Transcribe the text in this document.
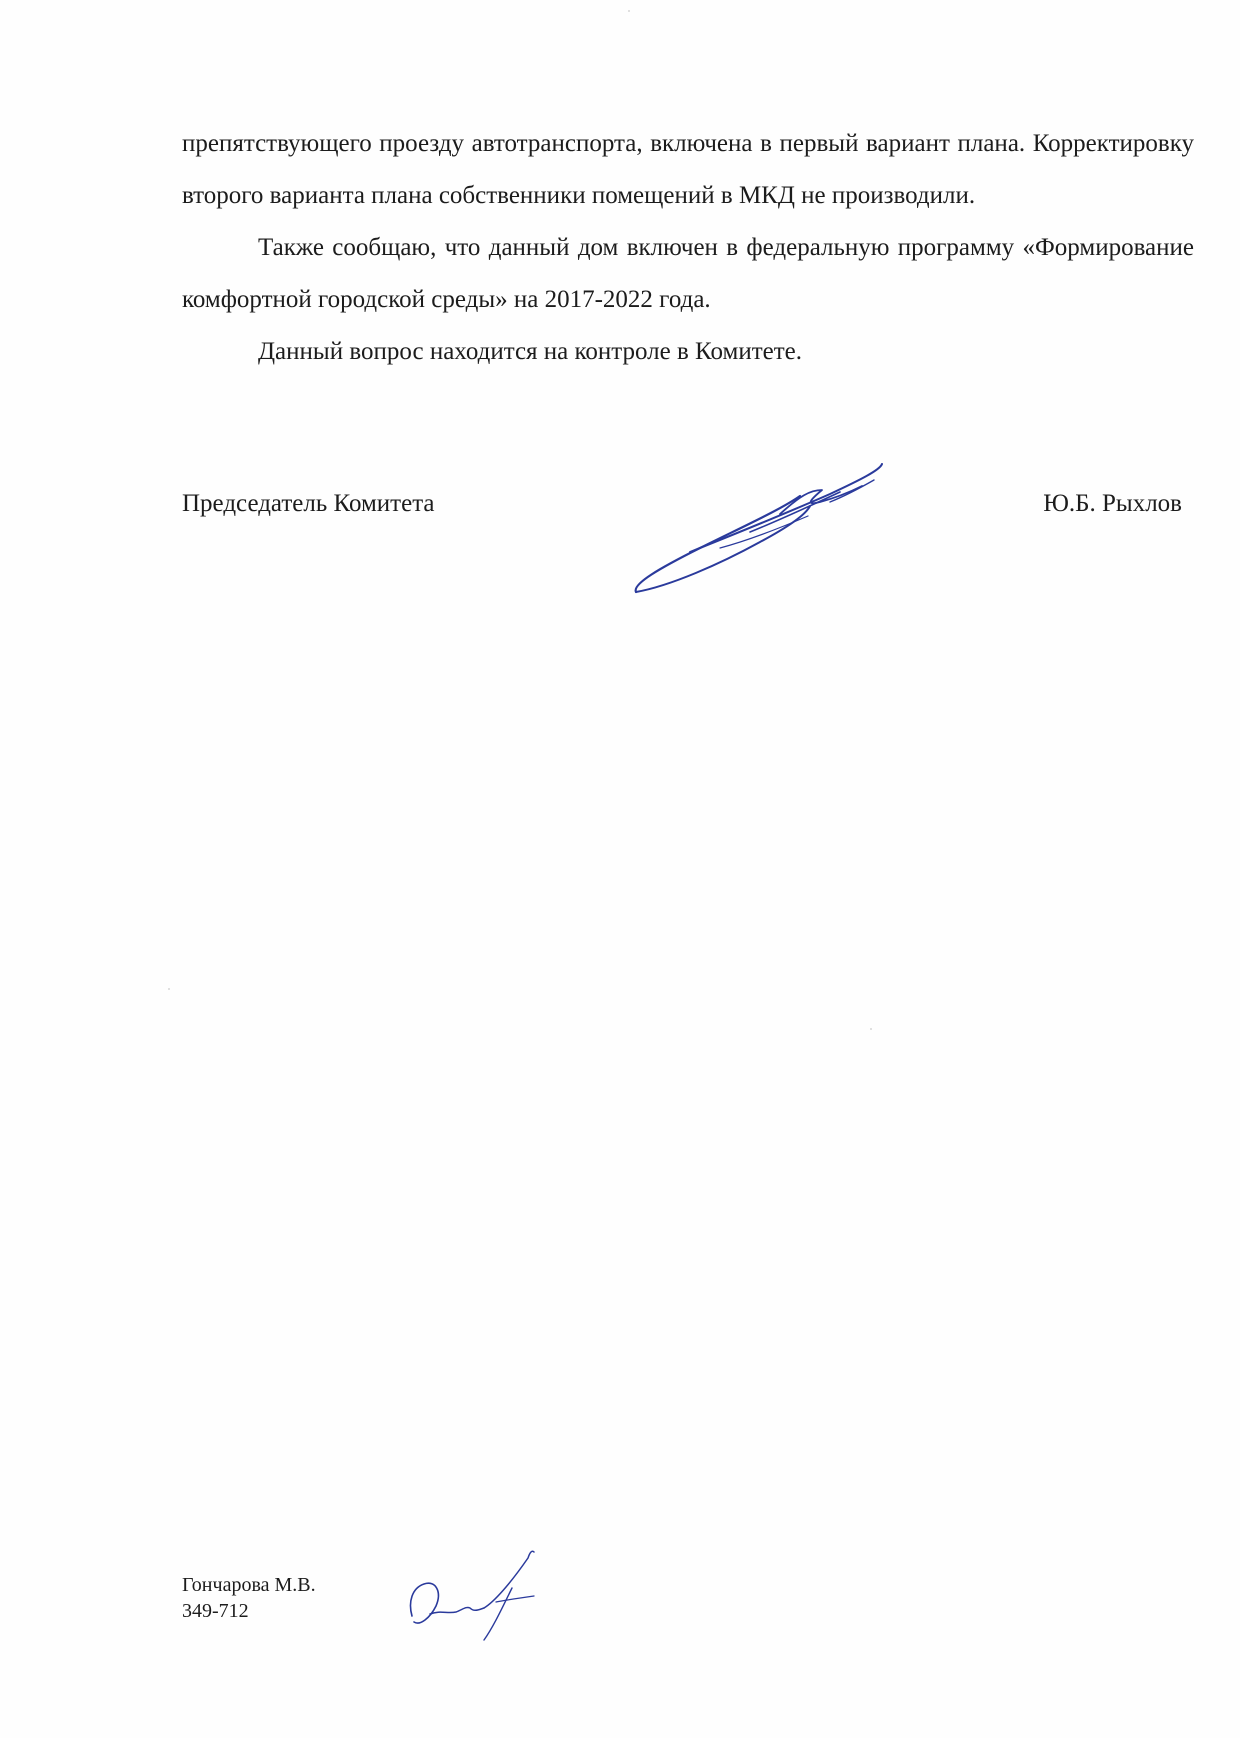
препятствующего проезду автотранспорта, включена в первый вариант плана. Корректировку второго варианта плана собственники помещений в МКД не производили.

Также сообщаю, что данный дом включен в федеральную программу «Формирование комфортной городской среды» на 2017-2022 года.

Данный вопрос находится на контроле в Комитете.

Председатель Комитета	Ю.Б. Рыхлов
Гончарова М.В.
349-712
